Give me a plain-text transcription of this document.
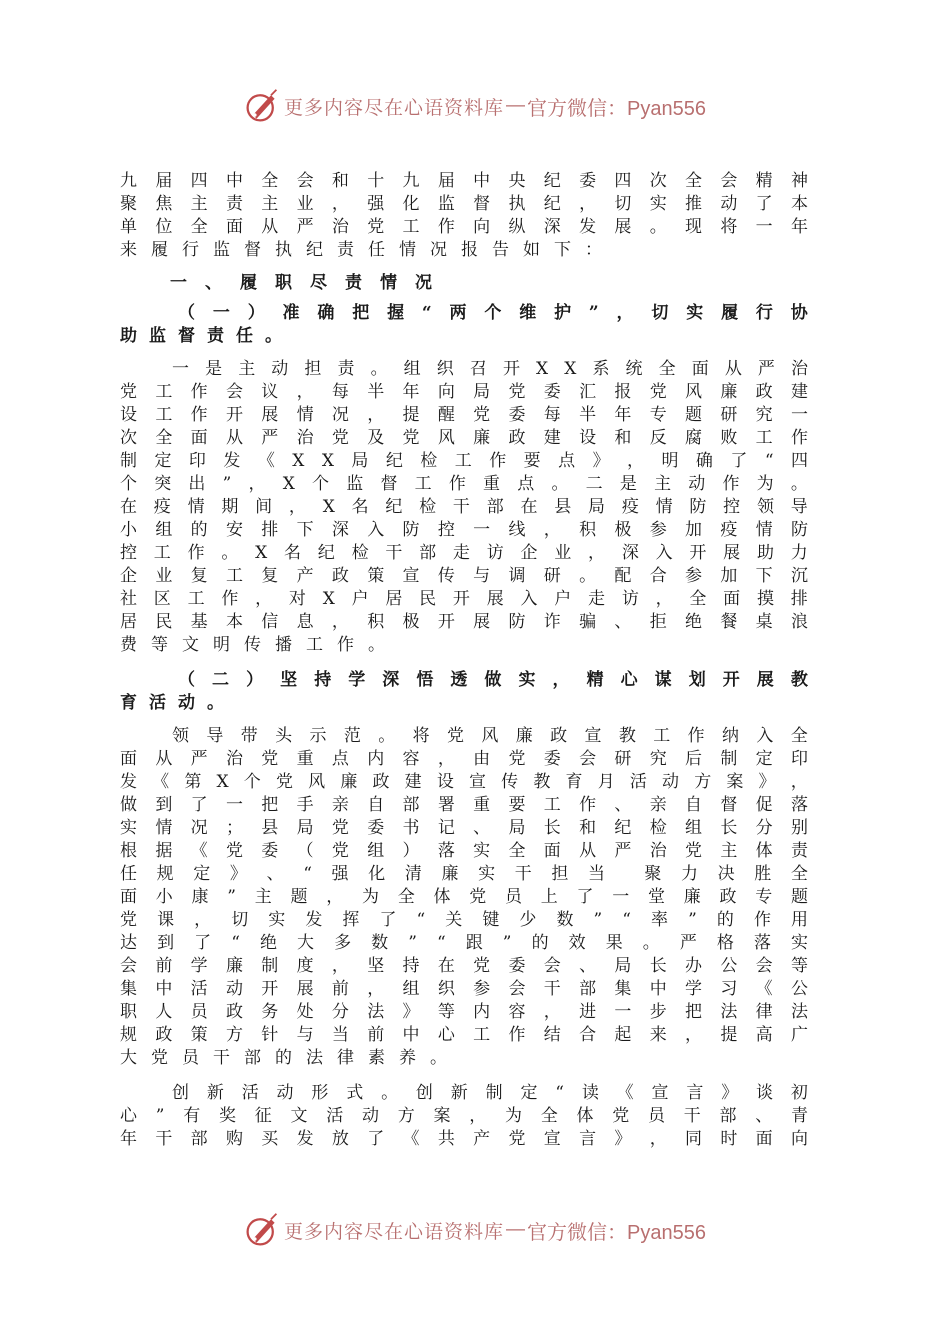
更多内容尽在心语资料库 — 官方微信：Pyan556
九 届 四 中 全 会 和 十 九 届 中 央 纪 委 四 次 全 会 精 神
聚 焦 主 责 主 业 ， 强 化 监 督 执 纪 ， 切 实 推 动 了 本
单 位 全 面 从 严 治 党 工 作 向 纵 深 发 展 。 现 将 一 年
来履行监督执纪责任情况报告如下：
一、履职尽责情况
（ 一 ） 准 确 把 握 “ 两 个 维 护 ” ， 切 实 履 行 协
助监督责任。
一 是 主 动 担 责 。 组 织 召 开 X X 系 统 全 面 从 严 治
党 工 作 会 议 ， 每 半 年 向 局 党 委 汇 报 党 风 廉 政 建
设 工 作 开 展 情 况 ， 提 醒 党 委 每 半 年 专 题 研 究 一
次 全 面 从 严 治 党 及 党 风 廉 政 建 设 和 反 腐 败 工 作
制 定 印 发 《 X X 局 纪 检 工 作 要 点 》 ， 明 确 了 “ 四
个 突 出 ” ， X 个 监 督 工 作 重 点 。 二 是 主 动 作 为 。
在 疫 情 期 间 ， X 名 纪 检 干 部 在 县 局 疫 情 防 控 领 导
小 组 的 安 排 下 深 入 防 控 一 线 ， 积 极 参 加 疫 情 防
控 工 作 。 X 名 纪 检 干 部 走 访 企 业 ， 深 入 开 展 助 力
企 业 复 工 复 产 政 策 宣 传 与 调 研 。 配 合 参 加 下 沉
社 区 工 作 ， 对 X 户 居 民 开 展 入 户 走 访 ， 全 面 摸 排
居 民 基 本 信 息 ， 积 极 开 展 防 诈 骗 、 拒 绝 餐 桌 浪
费等文明传播工作。
（ 二 ） 坚 持 学 深 悟 透 做 实 ， 精 心 谋 划 开 展 教
育活动。
领 导 带 头 示 范 。 将 党 风 廉 政 宣 教 工 作 纳 入 全
面 从 严 治 党 重 点 内 容 ， 由 党 委 会 研 究 后 制 定 印
发 《 第 X 个 党 风 廉 政 建 设 宣 传 教 育 月 活 动 方 案 》 ，
做 到 了 一 把 手 亲 自 部 署 重 要 工 作 、 亲 自 督 促 落
实 情 况 ； 县 局 党 委 书 记 、 局 长 和 纪 检 组 长 分 别
根 据 《 党 委 （ 党 组 ） 落 实 全 面 从 严 治 党 主 体 责
任 规 定 》 、 “ 强 化 清 廉 实 干 担 当 聚 力 决 胜 全
面 小 康 ” 主 题 ， 为 全 体 党 员 上 了 一 堂 廉 政 专 题
党 课 ， 切 实 发 挥 了 “ 关 键 少 数 ” “ 率 ” 的 作 用
达 到 了 “ 绝 大 多 数 ” “ 跟 ” 的 效 果 。 严 格 落 实
会 前 学 廉 制 度 ， 坚 持 在 党 委 会 、 局 长 办 公 会 等
集 中 活 动 开 展 前 ， 组 织 参 会 干 部 集 中 学 习 《 公
职 人 员 政 务 处 分 法 》 等 内 容 ， 进 一 步 把 法 律 法
规 政 策 方 针 与 当 前 中 心 工 作 结 合 起 来 ， 提 高 广
大党员干部的法律素养。
创 新 活 动 形 式 。 创 新 制 定 “ 读 《 宣 言 》 谈 初
心 ” 有 奖 征 文 活 动 方 案 ， 为 全 体 党 员 干 部 、 青
年 干 部 购 买 发 放 了 《 共 产 党 宣 言 》 ， 同 时 面 向
更多内容尽在心语资料库 — 官方微信：Pyan556
